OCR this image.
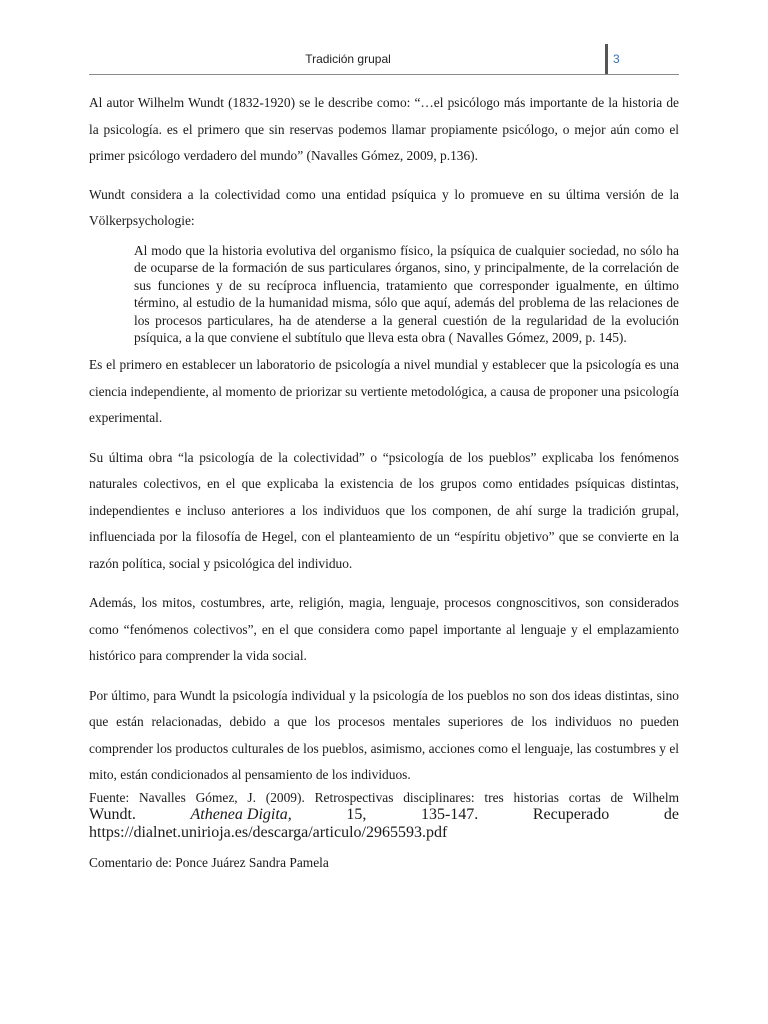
Tradición grupal	3

Al autor Wilhelm Wundt (1832-1920) se le describe como: “…el psicólogo más importante de la historia de la psicología. es el primero que sin reservas podemos llamar propiamente psicólogo, o mejor aún como el primer psicólogo verdadero del mundo” (Navalles Gómez, 2009, p.136).

Wundt considera a la colectividad como una entidad psíquica y lo promueve en su última versión de la Völkerpsychologie:

Al modo que la historia evolutiva del organismo físico, la psíquica de cualquier sociedad, no sólo ha de ocuparse de la formación de sus particulares órganos, sino, y principalmente, de la correlación de sus funciones y de su recíproca influencia, tratamiento que corresponder igualmente, en último término, al estudio de la humanidad misma, sólo que aquí, además del problema de las relaciones de los procesos particulares, ha de atenderse a la general cuestión de la regularidad de la evolución psíquica, a la que conviene el subtítulo que lleva esta obra ( Navalles Gómez, 2009, p. 145).

Es el primero en establecer un laboratorio de psicología a nivel mundial y establecer que la psicología es una ciencia independiente, al momento de priorizar su vertiente metodológica, a causa de proponer una psicología experimental.

Su última obra “la psicología de la colectividad” o “psicología de los pueblos” explicaba los fenómenos naturales colectivos, en el que explicaba la existencia de los grupos como entidades psíquicas distintas, independientes e incluso anteriores a los individuos que los componen, de ahí surge la tradición grupal, influenciada por la filosofía de Hegel, con el planteamiento de un “espíritu objetivo” que se convierte en la razón política, social y psicológica del individuo.

Además, los mitos, costumbres, arte, religión, magia, lenguaje, procesos congnoscitivos, son considerados como “fenómenos colectivos”, en el que considera como papel importante al lenguaje y el emplazamiento histórico para comprender la vida social.

Por último, para Wundt la psicología individual y la psicología de los pueblos no son dos ideas distintas, sino que están relacionadas, debido a que los procesos mentales superiores de los individuos no pueden comprender los productos culturales de los pueblos, asimismo, acciones como el lenguaje, las costumbres y el mito, están condicionados al pensamiento de los individuos.

Fuente: Navalles Gómez, J. (2009). Retrospectivas disciplinares: tres historias cortas de Wilhelm

Wundt.	Athenea Digita,	15,	135-147.	Recuperado	de
https://dialnet.unirioja.es/descarga/articulo/2965593.pdf

Comentario de: Ponce Juárez Sandra Pamela
